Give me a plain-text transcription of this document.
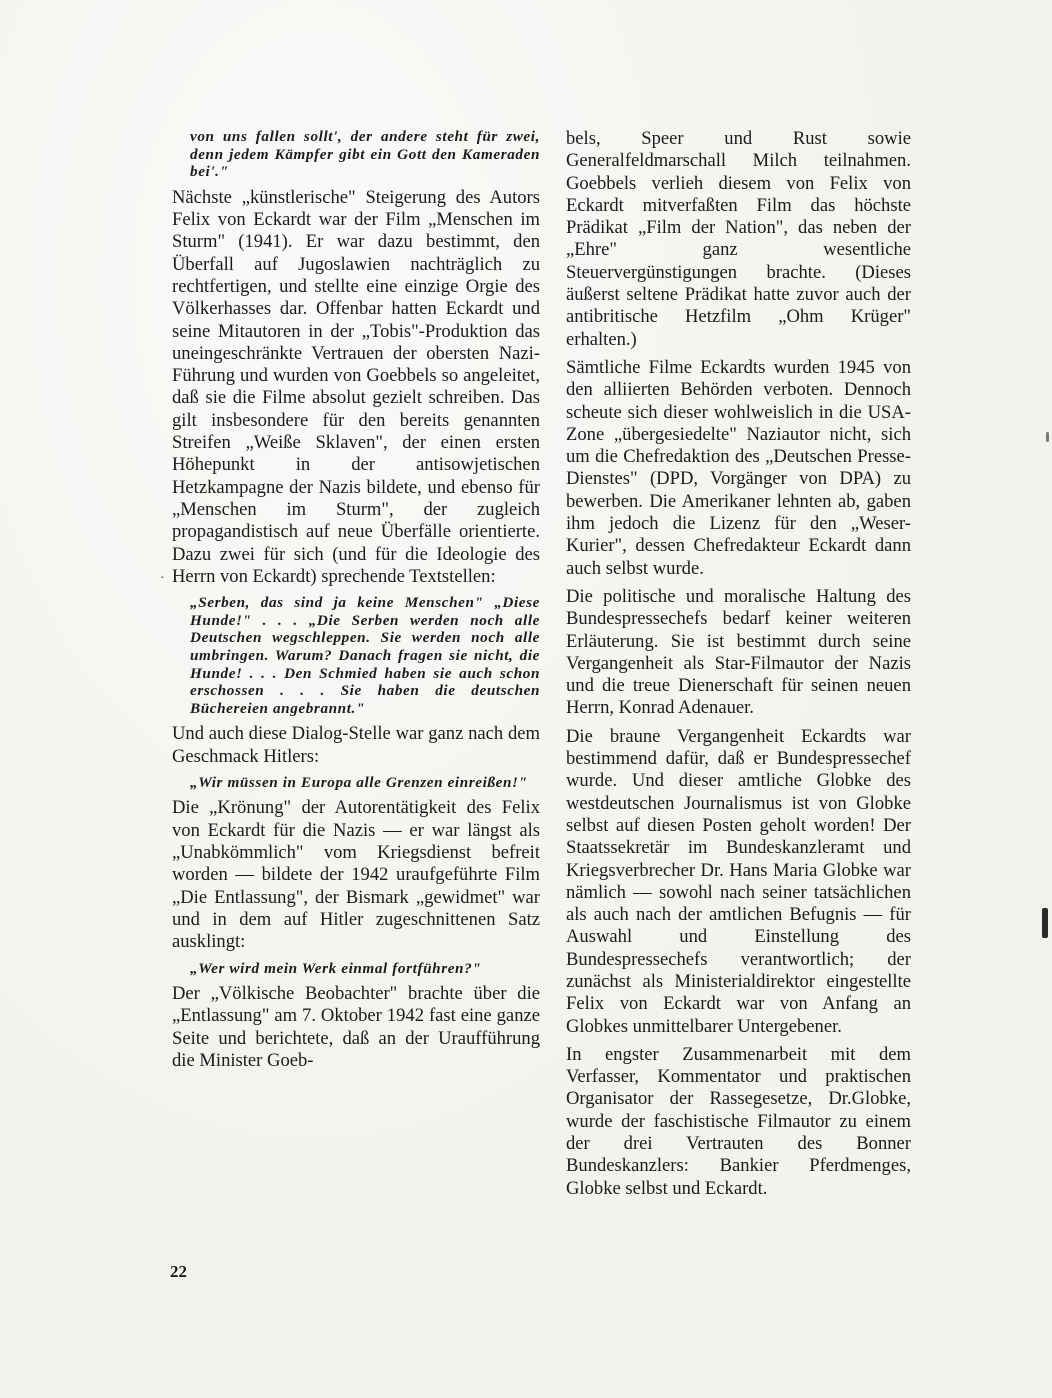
von uns fallen sollt', der andere steht für zwei, denn jedem Kämpfer gibt ein Gott den Kameraden bei'."

Nächste „künstlerische" Steigerung des Autors Felix von Eckardt war der Film „Menschen im Sturm" (1941). Er war dazu bestimmt, den Überfall auf Jugoslawien nachträglich zu rechtfertigen, und stellte eine einzige Orgie des Völkerhasses dar. Offenbar hatten Eckardt und seine Mitautoren in der „Tobis"-Produktion das uneingeschränkte Vertrauen der obersten Nazi-Führung und wurden von Goebbels so angeleitet, daß sie die Filme absolut gezielt schreiben. Das gilt insbesondere für den bereits genannten Streifen „Weiße Sklaven", der einen ersten Höhepunkt in der antisowjetischen Hetzkampagne der Nazis bildete, und ebenso für „Menschen im Sturm", der zugleich propagandistisch auf neue Überfälle orientierte. Dazu zwei für sich (und für die Ideologie des Herrn von Eckardt) sprechende Textstellen:

„Serben, das sind ja keine Menschen" „Diese Hunde!" . . . „Die Serben werden noch alle Deutschen wegschleppen. Sie werden noch alle umbringen. Warum? Danach fragen sie nicht, die Hunde! . . . Den Schmied haben sie auch schon erschossen . . . Sie haben die deutschen Büchereien angebrannt."

Und auch diese Dialog-Stelle war ganz nach dem Geschmack Hitlers:

„Wir müssen in Europa alle Grenzen einreißen!"

Die „Krönung" der Autorentätigkeit des Felix von Eckardt für die Nazis — er war längst als „Unabkömmlich" vom Kriegsdienst befreit worden — bildete der 1942 uraufgeführte Film „Die Entlassung", der Bismark „gewidmet" war und in dem auf Hitler zugeschnittenen Satz ausklingt:

„Wer wird mein Werk einmal fortführen?"

Der „Völkische Beobachter" brachte über die „Entlassung" am 7. Oktober 1942 fast eine ganze Seite und berichtete, daß an der Uraufführung die Minister Goeb-

bels, Speer und Rust sowie Generalfeldmarschall Milch teilnahmen. Goebbels verlieh diesem von Felix von Eckardt mitverfaßten Film das höchste Prädikat „Film der Nation", das neben der „Ehre" ganz wesentliche Steuervergünstigungen brachte. (Dieses äußerst seltene Prädikat hatte zuvor auch der antibritische Hetzfilm „Ohm Krüger" erhalten.)

Sämtliche Filme Eckardts wurden 1945 von den alliierten Behörden verboten. Dennoch scheute sich dieser wohlweislich in die USA-Zone „übergesiedelte" Naziautor nicht, sich um die Chefredaktion des „Deutschen Presse-Dienstes" (DPD, Vorgänger von DPA) zu bewerben. Die Amerikaner lehnten ab, gaben ihm jedoch die Lizenz für den „Weser-Kurier", dessen Chefredakteur Eckardt dann auch selbst wurde.

Die politische und moralische Haltung des Bundespressechefs bedarf keiner weiteren Erläuterung. Sie ist bestimmt durch seine Vergangenheit als Star-Filmautor der Nazis und die treue Dienerschaft für seinen neuen Herrn, Konrad Adenauer.

Die braune Vergangenheit Eckardts war bestimmend dafür, daß er Bundespressechef wurde. Und dieser amtliche Globke des westdeutschen Journalismus ist von Globke selbst auf diesen Posten geholt worden! Der Staatssekretär im Bundeskanzleramt und Kriegsverbrecher Dr. Hans Maria Globke war nämlich — sowohl nach seiner tatsächlichen als auch nach der amtlichen Befugnis — für Auswahl und Einstellung des Bundespressechefs verantwortlich; der zunächst als Ministerialdirektor eingestellte Felix von Eckardt war von Anfang an Globkes unmittelbarer Untergebener.

In engster Zusammenarbeit mit dem Verfasser, Kommentator und praktischen Organisator der Rassegesetze, Dr.Globke, wurde der faschistische Filmautor zu einem der drei Vertrauten des Bonner Bundeskanzlers: Bankier Pferdmenges, Globke selbst und Eckardt.

22
·
